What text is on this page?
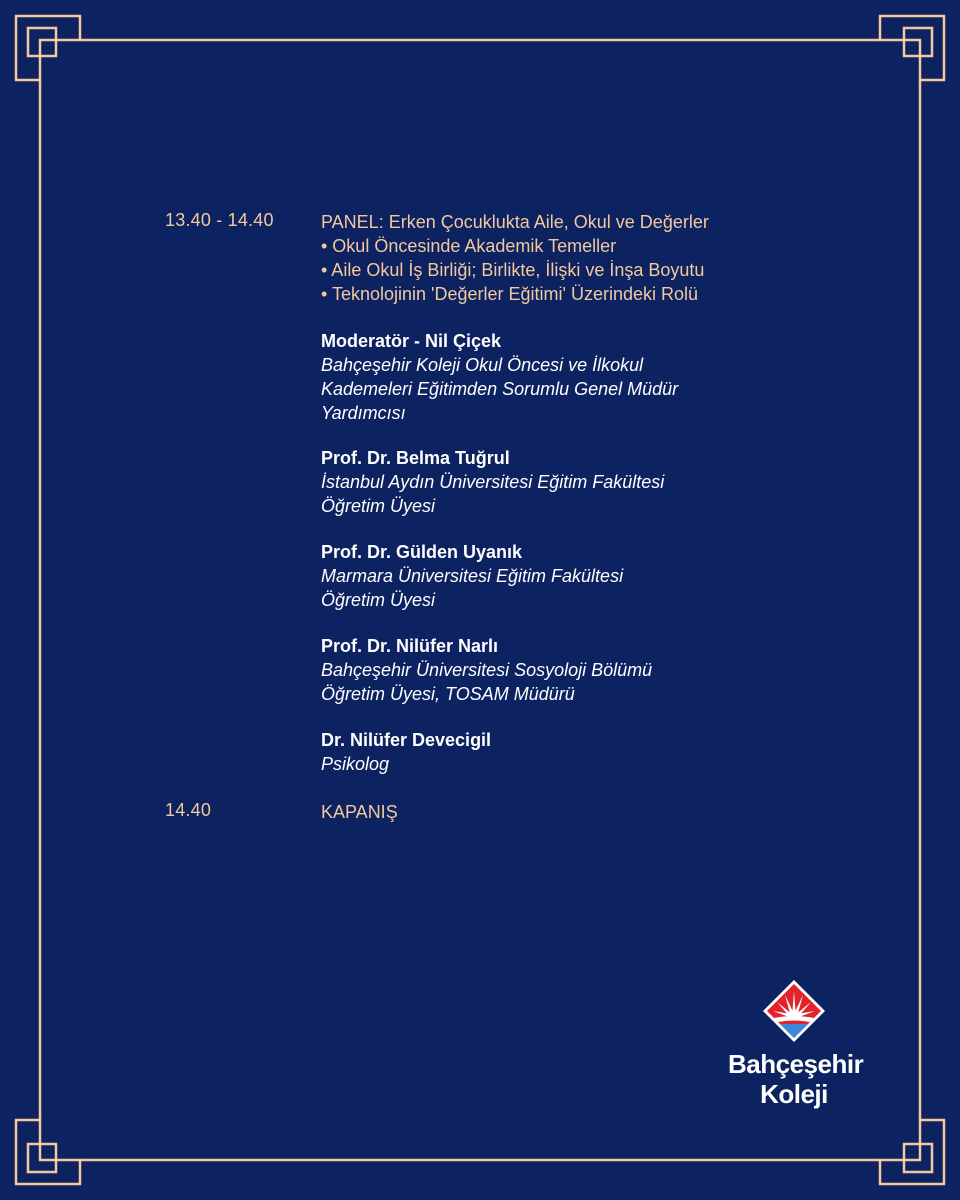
13.40 - 14.40	PANEL: Erken Çocuklukta Aile, Okul ve Değerler
• Okul Öncesinde Akademik Temeller
• Aile Okul İş Birliği; Birlikte, İlişki ve İnşa Boyutu
• Teknolojinin 'Değerler Eğitimi' Üzerindeki Rolü
Moderatör - Nil Çiçek
Bahçeşehir Koleji Okul Öncesi ve İlkokul
Kademeleri Eğitimden Sorumlu Genel Müdür
Yardımcısı
Prof. Dr. Belma Tuğrul
İstanbul Aydın Üniversitesi Eğitim Fakültesi
Öğretim Üyesi
Prof. Dr. Gülden Uyanık
Marmara Üniversitesi Eğitim Fakültesi
Öğretim Üyesi
Prof. Dr. Nilüfer Narlı
Bahçeşehir Üniversitesi Sosyoloji Bölümü
Öğretim Üyesi, TOSAM Müdürü
Dr. Nilüfer Devecigil
Psikolog
14.40	KAPANIŞ
Bahçeşehir
Koleji
